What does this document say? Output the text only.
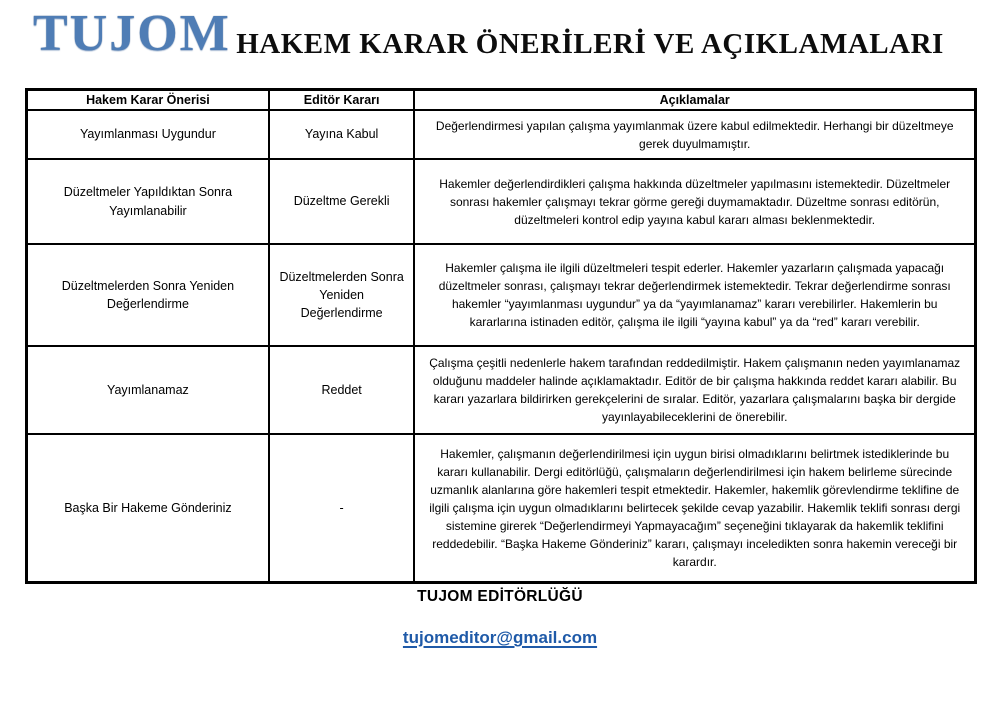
TUJOM HAKEM KARAR ÖNERİLERİ VE AÇIKLAMALARI
Hakem Karar Önerisi	Editör Kararı	Açıklamalar
Yayımlanması Uygundur	Yayına Kabul	Değerlendirmesi yapılan çalışma yayımlanmak üzere kabul edilmektedir. Herhangi bir düzeltmeye gerek duyulmamıştır.
Düzeltmeler Yapıldıktan Sonra Yayımlanabilir	Düzeltme Gerekli	Hakemler değerlendirdikleri çalışma hakkında düzeltmeler yapılmasını istemektedir. Düzeltmeler sonrası hakemler çalışmayı tekrar görme gereği duymamaktadır. Düzeltme sonrası editörün, düzeltmeleri kontrol edip yayına kabul kararı alması beklenmektedir.
Düzeltmelerden Sonra Yeniden Değerlendirme	Düzeltmelerden Sonra Yeniden Değerlendirme	Hakemler çalışma ile ilgili düzeltmeleri tespit ederler. Hakemler yazarların çalışmada yapacağı düzeltmeler sonrası, çalışmayı tekrar değerlendirmek istemektedir. Tekrar değerlendirme sonrası hakemler “yayımlanması uygundur” ya da “yayımlanamaz” kararı verebilirler. Hakemlerin bu kararlarına istinaden editör, çalışma ile ilgili “yayına kabul” ya da “red” kararı verebilir.
Yayımlanamaz	Reddet	Çalışma çeşitli nedenlerle hakem tarafından reddedilmiştir. Hakem çalışmanın neden yayımlanamaz olduğunu maddeler halinde açıklamaktadır. Editör de bir çalışma hakkında reddet kararı alabilir. Bu kararı yazarlara bildirirken gerekçelerini de sıralar. Editör, yazarlara çalışmalarını başka bir dergide yayınlayabileceklerini de önerebilir.
Başka Bir Hakeme Gönderiniz	-	Hakemler, çalışmanın değerlendirilmesi için uygun birisi olmadıklarını belirtmek istediklerinde bu kararı kullanabilir. Dergi editörlüğü, çalışmaların değerlendirilmesi için hakem belirleme sürecinde uzmanlık alanlarına göre hakemleri tespit etmektedir. Hakemler, hakemlik görevlendirme teklifine de ilgili çalışma için uygun olmadıklarını belirtecek şekilde cevap yazabilir. Hakemlik teklifi sonrası dergi sistemine girerek “Değerlendirmeyi Yapmayacağım” seçeneğini tıklayarak da hakemlik teklifini reddedebilir. “Başka Hakeme Gönderiniz” kararı, çalışmayı inceledikten sonra hakemin vereceği bir karardır.
TUJOM EDİTÖRLÜĞÜ
tujomeditor@gmail.com
